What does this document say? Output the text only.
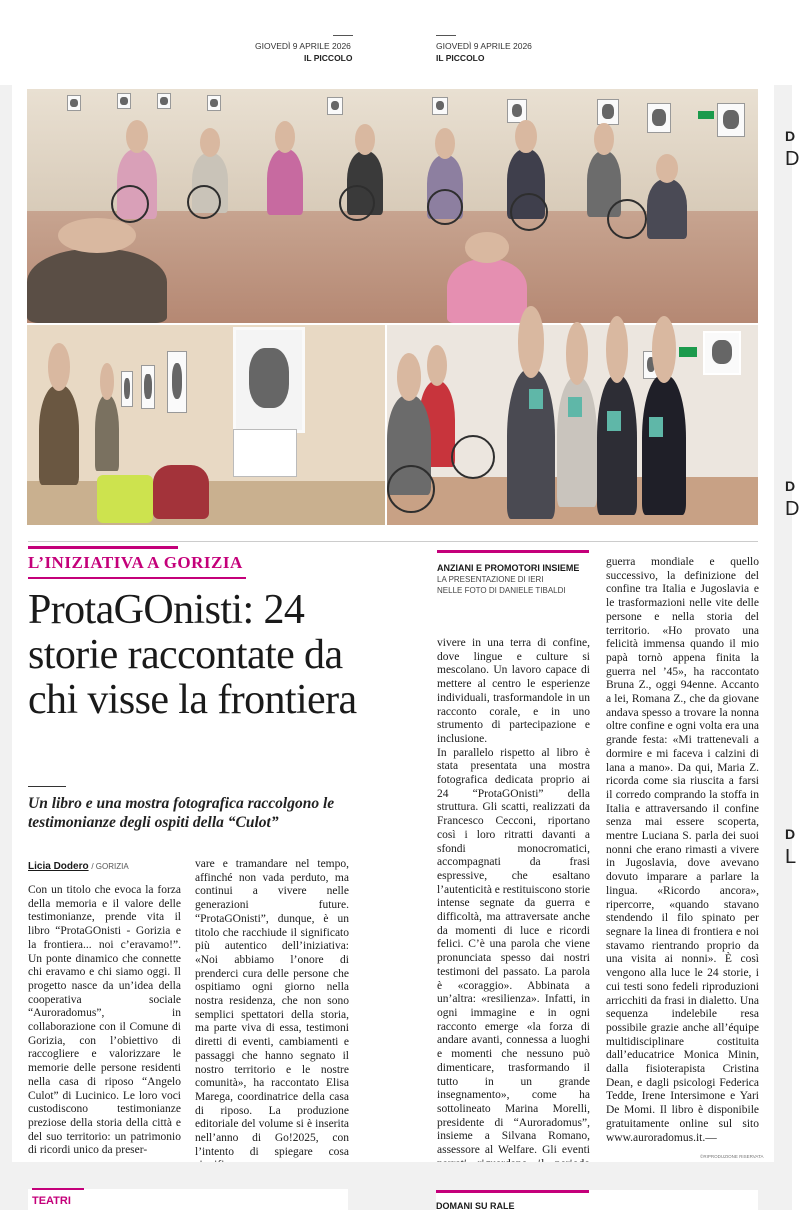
GIOVEDÌ 9 APRILE 2026
IL PICCOLO
GIOVEDÌ 9 APRILE 2026
IL PICCOLO
L’INIZIATIVA A GORIZIA
ProtaGOnisti: 24 storie raccontate da chi visse la frontiera

Un libro e una mostra fotografica raccolgono le testimonianze degli ospiti della “Culot”

Licia Dodero / GORIZIA
ANZIANI E PROMOTORI INSIEME
LA PRESENTAZIONE DI IERI
NELLE FOTO DI DANIELE TIBALDI

Con un titolo che evoca la forza della memoria e il valore delle testimonianze, prende vita il libro “ProtaGOnisti - Gorizia e la frontiera... noi c’eravamo!”. Un ponte dinamico che connette chi eravamo e chi siamo oggi. Il progetto nasce da un’idea della cooperativa sociale “Auroradomus”, in collaborazione con il Comune di Gorizia, con l’obiettivo di raccogliere e valorizzare le memorie delle persone residenti nella casa di riposo “Angelo Culot” di Lucinico. Le loro voci custodiscono testimonianze preziose della storia della città e del suo territorio: un patrimonio di ricordi unico da preser-

vare e tramandare nel tempo, affinché non vada perduto, ma continui a vivere nelle generazioni future. “ProtaGOnisti”, dunque, è un titolo che racchiude il significato più autentico dell’iniziativa: «Noi abbiamo l’onore di prenderci cura delle persone che ospitiamo ogni giorno nella nostra residenza, che non sono semplici spettatori della storia, ma parte viva di essa, testimoni diretti di eventi, cambiamenti e passaggi che hanno segnato il nostro territorio e le nostre comunità», ha raccontato Elisa Marega, coordinatrice della casa di riposo. La produzione editoriale del volume si è inserita nell’anno di Go!2025, con l’intento di spiegare cosa

vivere in una terra di confine, dove lingue e culture si mescolano. Un lavoro capace di mettere al centro le esperienze individuali, trasformandole in un racconto corale, e in uno strumento di partecipazione e inclusione.
In parallelo rispetto al libro è stata presentata una mostra fotografica dedicata proprio ai 24 “ProtaGOnisti” della struttura. Gli scatti, realizzati da Francesco Cecconi, riportano così i loro ritratti davanti a sfondi monocromatici, accompagnati da frasi espressive, che esaltano l’autenticità e restituiscono storie intense segnate da guerra e difficoltà, ma attraversate anche da momenti di luce e ricordi felici. C’è una parola che viene pronunciata spesso dai nostri testimoni del passato. La parola è «coraggio». Abbinata a un’altra: «resilienza». Infatti, in ogni immagine e in ogni racconto emerge «la forza di andare avanti, connessa a luoghi e momenti che nessuno può dimenticare, trasformando il tutto in un grande insegnamento», come ha sottolineato Marina Morelli, presidente di “Auroradomus”, insieme a Silvana Romano, assessore al Welfare. Gli eventi

guerra mondiale e quello successivo, la definizione del confine tra Italia e Jugoslavia e le trasformazioni nelle vite delle persone e nella storia del territorio. «Ho provato una felicità immensa quando il mio papà tornò appena finita la guerra nel ’45», ha raccontato Bruna Z., oggi 94enne. Accanto a lei, Romana Z., che da giovane andava spesso a trovare la nonna oltre confine e ogni volta era una grande festa: «Mi trattenevali a dormire e mi faceva i calzini di lana a mano». Da qui, Maria Z. ricorda come sia riuscita a farsi il corredo comprando la stoffa in Italia e attraversando il confine senza mai essere scoperta, mentre Luciana S. parla dei suoi nonni che erano rimasti a vivere in Jugoslavia, dove avevano dovuto imparare a parlare la lingua. «Ricordo ancora», ripercorre, «quando stavano stendendo il filo spinato per segnare la linea di frontiera e noi stavamo rientrando proprio da una visita ai nonni». È così vengono alla luce le 24 storie, i cui testi sono fedeli riproduzioni arricchiti da frasi in dialetto. Una sequenza indelebile resa possibile grazie anche all’équipe multidisciplinare costituita dall’educatrice Monica Minin, dalla fisioterapista Cristina Dean, e dagli psicologi Federica Tedde, Irene Intersimone e Yari De Momi. Il libro è disponibile gratuitamente online sul sito www.auroradomus.it.—

©RIPRODUZIONE RISERVATA
TEATRI	DOMANI SU RALE
D
D
D
D
D
L
